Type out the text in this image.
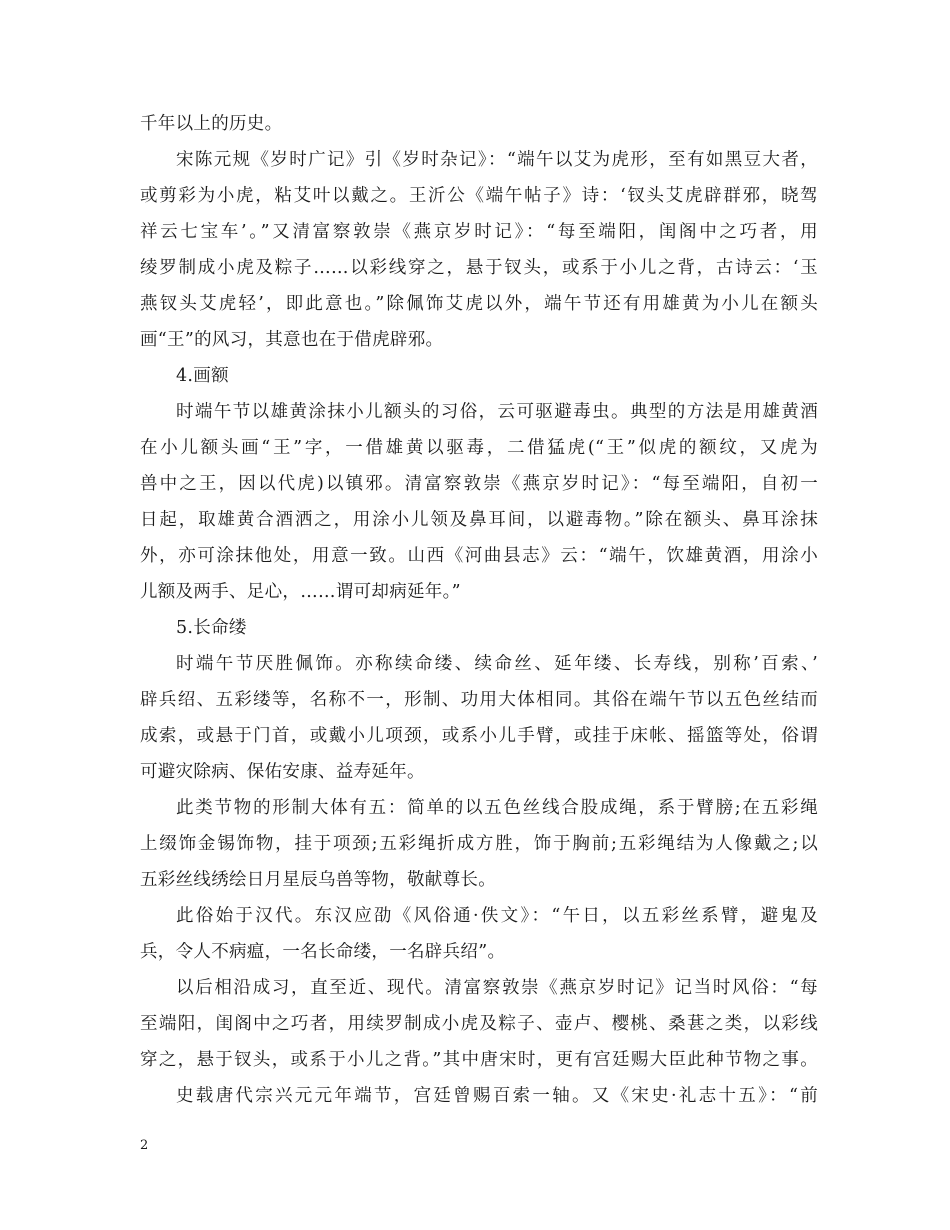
千年以上的历史。
宋陈元规《岁时广记》引《岁时杂记》：“端午以艾为虎形，至有如黑豆大者，
或剪彩为小虎，粘艾叶以戴之。王沂公《端午帖子》诗：‘钗头艾虎辟群邪，晓驾
祥云七宝车’。”又清富察敦崇《燕京岁时记》：“每至端阳，闺阁中之巧者，用
绫罗制成小虎及粽子……以彩线穿之，悬于钗头，或系于小儿之背，古诗云：‘玉
燕钗头艾虎轻’，即此意也。”除佩饰艾虎以外，端午节还有用雄黄为小儿在额头
画“王”的风习，其意也在于借虎辟邪。
4.画额
时端午节以雄黄涂抹小儿额头的习俗，云可驱避毒虫。典型的方法是用雄黄酒
在小儿额头画“王”字，一借雄黄以驱毒，二借猛虎(“王”似虎的额纹，又虎为
兽中之王，因以代虎)以镇邪。清富察敦崇《燕京岁时记》：“每至端阳，自初一
日起，取雄黄合酒洒之，用涂小儿领及鼻耳间，以避毒物。”除在额头、鼻耳涂抹
外，亦可涂抹他处，用意一致。山西《河曲县志》云：“端午，饮雄黄酒，用涂小
儿额及两手、足心，……谓可却病延年。”
5.长命缕
时端午节厌胜佩饰。亦称续命缕、续命丝、延年缕、长寿线，别称’百索、’
辟兵绍、五彩缕等，名称不一，形制、功用大体相同。其俗在端午节以五色丝结而
成索，或悬于门首，或戴小儿项颈，或系小儿手臂，或挂于床帐、摇篮等处，俗谓
可避灾除病、保佑安康、益寿延年。
此类节物的形制大体有五：简单的以五色丝线合股成绳，系于臂膀;在五彩绳
上缀饰金锡饰物，挂于项颈;五彩绳折成方胜，饰于胸前;五彩绳结为人像戴之;以
五彩丝线绣绘日月星辰乌兽等物，敬献尊长。
此俗始于汉代。东汉应劭《风俗通·佚文》：“午日，以五彩丝系臂，避鬼及
兵，令人不病瘟，一名长命缕，一名辟兵绍”。
以后相沿成习，直至近、现代。清富察敦崇《燕京岁时记》记当时风俗：“每
至端阳，闺阁中之巧者，用续罗制成小虎及粽子、壶卢、樱桃、桑葚之类，以彩线
穿之，悬于钗头，或系于小儿之背。”其中唐宋时，更有宫廷赐大臣此种节物之事。
史载唐代宗兴元元年端节，宫廷曾赐百索一轴。又《宋史·礼志十五》：“前
2
